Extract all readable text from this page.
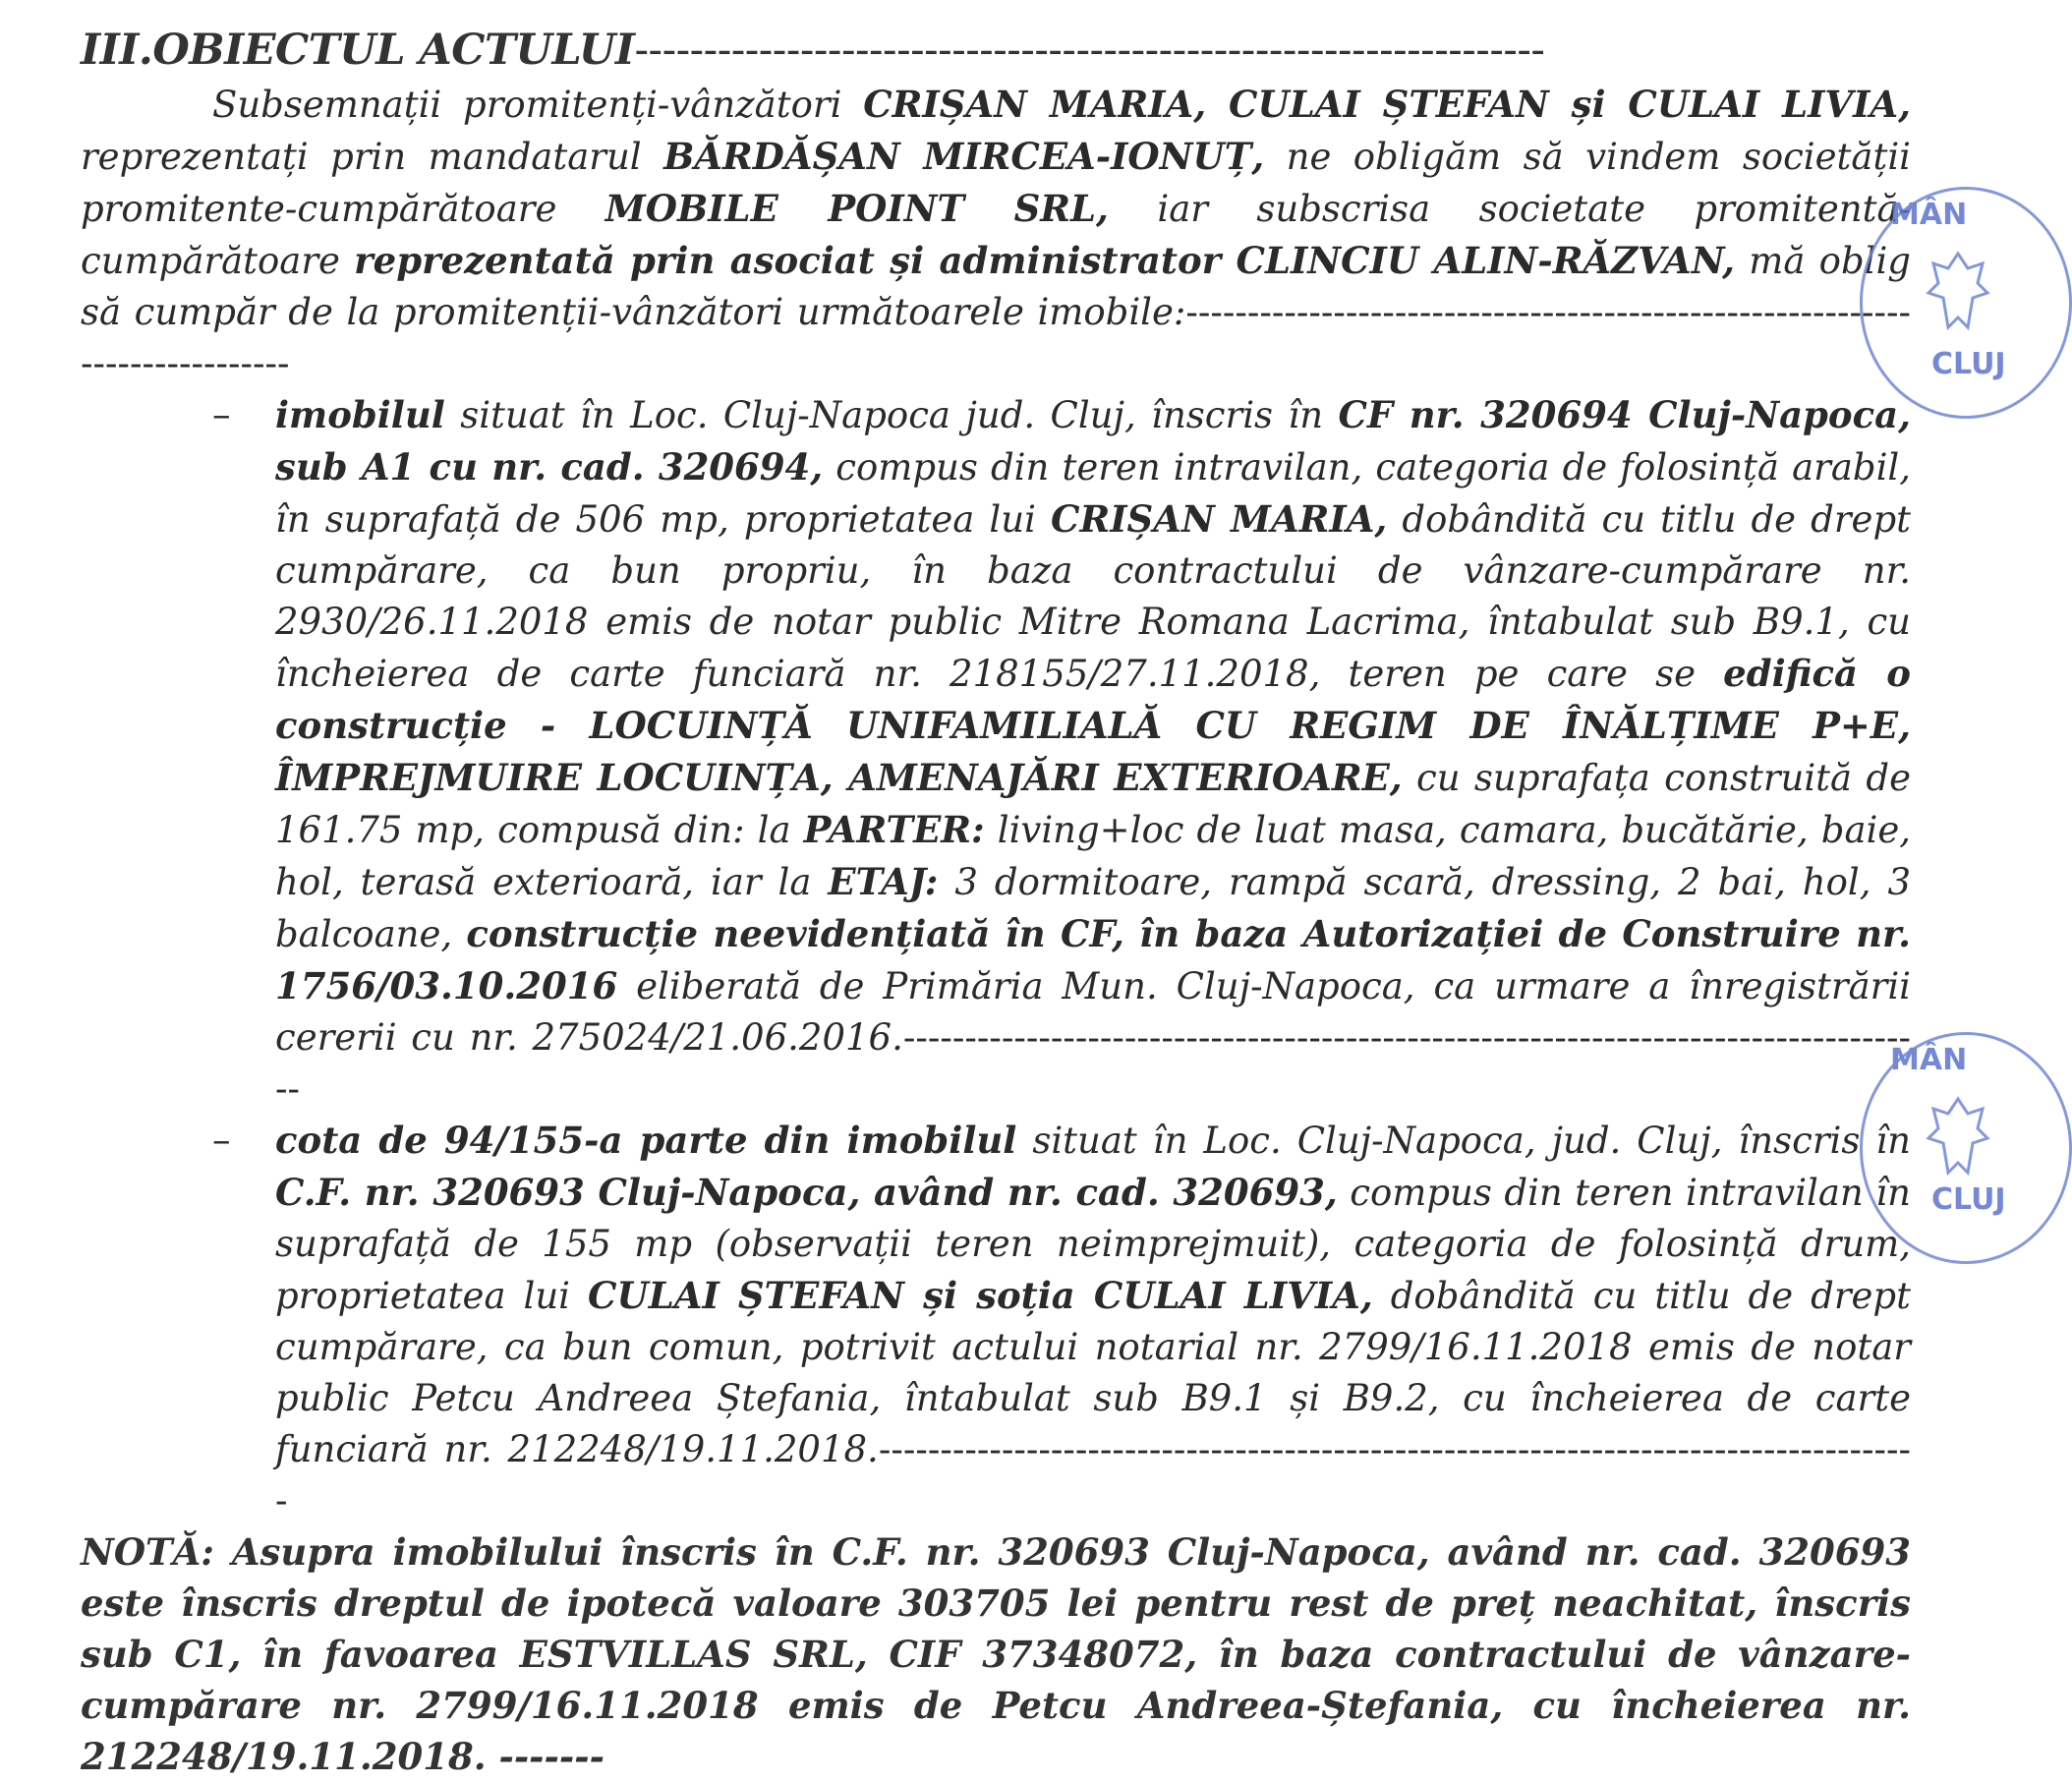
III.OBIECTUL ACTULUI------------------------------------------------------------------

Subsemnații promitenți-vânzători CRIȘAN MARIA, CULAI ȘTEFAN și CULAI LIVIA, reprezentați prin mandatarul BĂRDĂȘAN MIRCEA-IONUȚ, ne obligăm să vindem societății promitente-cumpărătoare MOBILE POINT SRL, iar subscrisa societate promitentă-cumpărătoare reprezentată prin asociat și administrator CLINCIU ALIN-RĂZVAN, mă oblig să cumpăr de la promitenții-vânzători următoarele imobile:----------------------------------------------------------------------------

– imobilul situat în Loc. Cluj-Napoca jud. Cluj, înscris în CF nr. 320694 Cluj-Napoca, sub A1 cu nr. cad. 320694, compus din teren intravilan, categoria de folosință arabil, în suprafață de 506 mp, proprietatea lui CRIȘAN MARIA, dobândită cu titlu de drept cumpărare, ca bun propriu, în baza contractului de vânzare-cumpărare nr. 2930/26.11.2018 emis de notar public Mitre Romana Lacrima, întabulat sub B9.1, cu încheierea de carte funciară nr. 218155/27.11.2018, teren pe care se edifică o construcție - LOCUINȚĂ UNIFAMILIALĂ CU REGIM DE ÎNĂLȚIME P+E, ÎMPREJMUIRE LOCUINȚA, AMENAJĂRI EXTERIOARE, cu suprafața construită de 161.75 mp, compusă din: la PARTER: living+loc de luat masa, camara, bucătărie, baie, hol, terasă exterioară, iar la ETAJ: 3 dormitoare, rampă scară, dressing, 2 bai, hol, 3 balcoane, construcție neevidențiată în CF, în baza Autorizației de Construire nr. 1756/03.10.2016 eliberată de Primăria Mun. Cluj-Napoca, ca urmare a înregistrării cererii cu nr. 275024/21.06.2016.------------------------------------------------------------------------------------
– cota de 94/155-a parte din imobilul situat în Loc. Cluj-Napoca, jud. Cluj, înscris în C.F. nr. 320693 Cluj-Napoca, având nr. cad. 320693, compus din teren intravilan în suprafață de 155 mp (observații teren neimprejmuit), categoria de folosință drum, proprietatea lui CULAI ȘTEFAN și soția CULAI LIVIA, dobândită cu titlu de drept cumpărare, ca bun comun, potrivit actului notarial nr. 2799/16.11.2018 emis de notar public Petcu Andreea Ștefania, întabulat sub B9.1 și B9.2, cu încheierea de carte funciară nr. 212248/19.11.2018.-------------------------------------------------------------------------------------

NOTĂ: Asupra imobilului înscris în C.F. nr. 320693 Cluj-Napoca, având nr. cad. 320693 este înscris dreptul de ipotecă valoare 303705 lei pentru rest de preț neachitat, înscris sub C1, în favoarea ESTVILLAS SRL, CIF 37348072, în baza contractului de vânzare-cumpărare nr. 2799/16.11.2018 emis de Petcu Andreea-Ștefania, cu încheierea nr. 212248/19.11.2018. -------

MÂN
CLUJ
MÂN
CLUJ
